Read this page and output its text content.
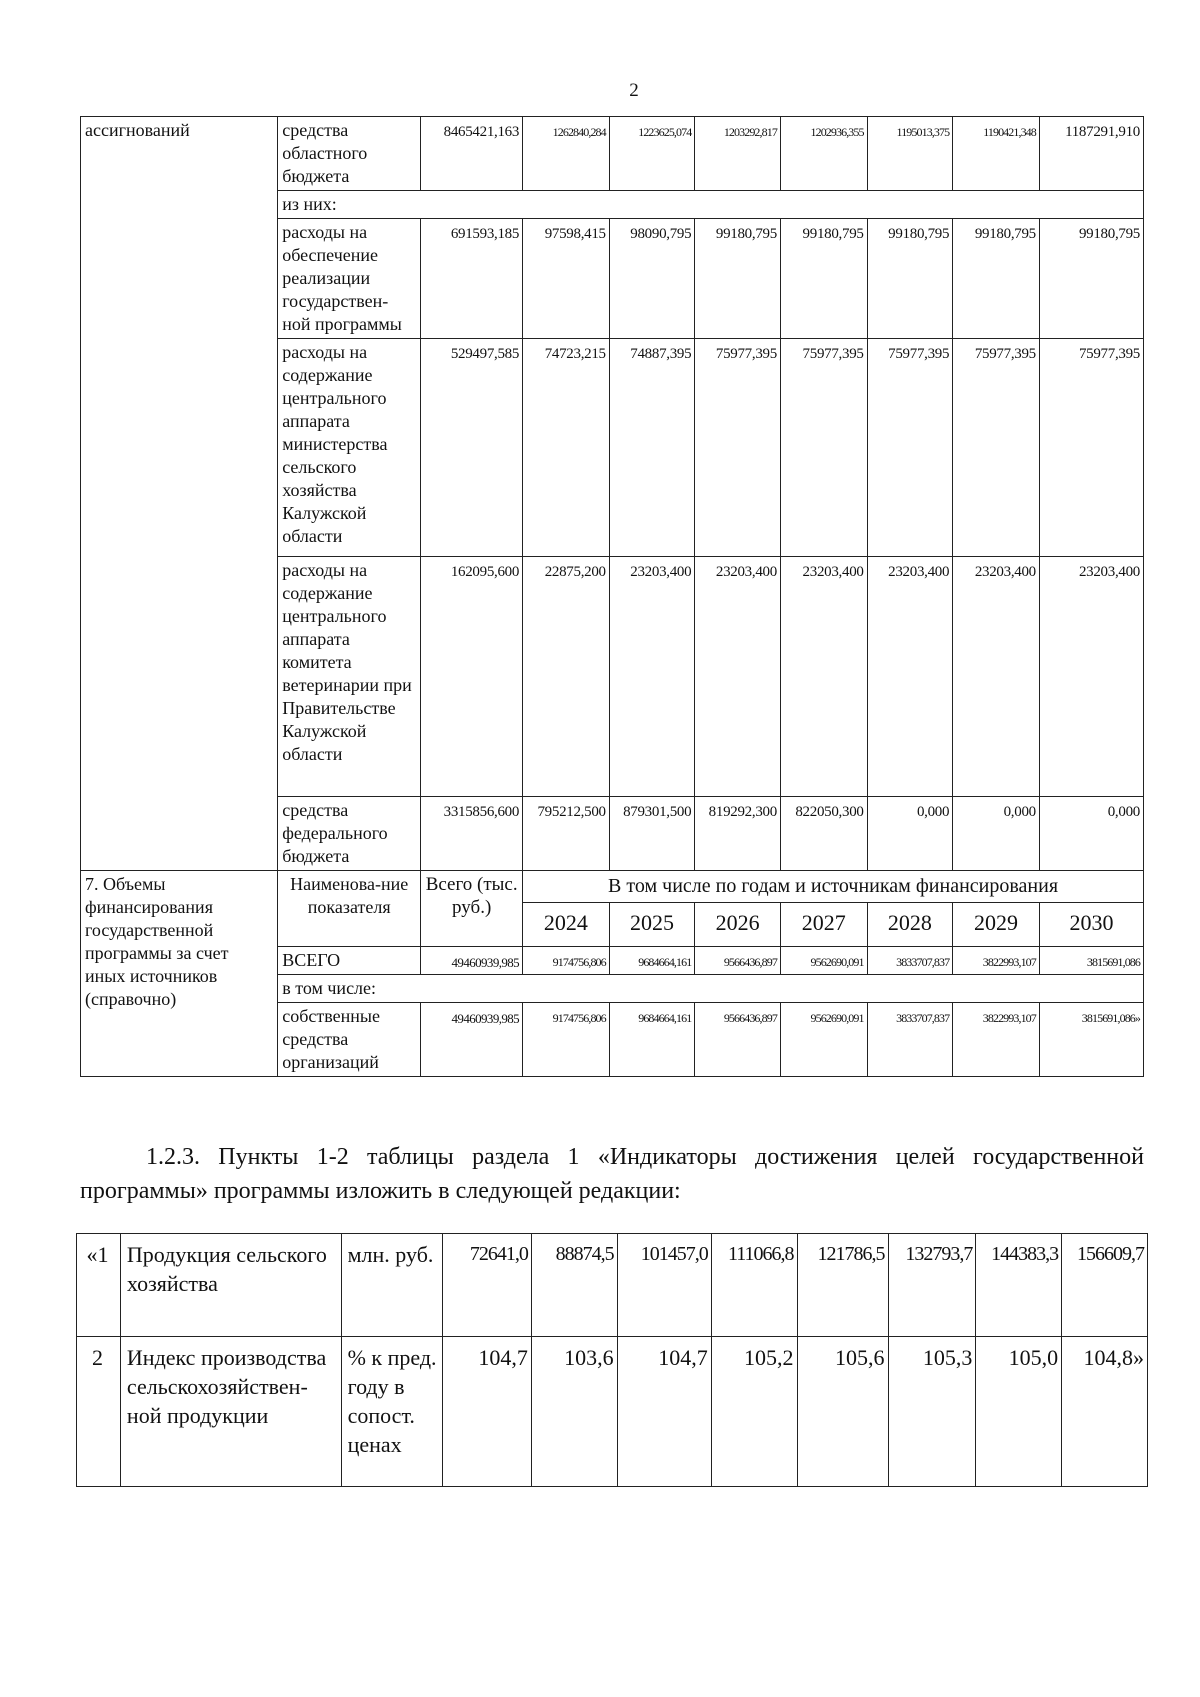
2
ассигнований	средства областного бюджета	8465421,163	1262840,284	1223625,074	1203292,817	1202936,355	1195013,375	1190421,348	1187291,910
	из них:								
	расходы на обеспечение реализации государствен-ной программы	691593,185	97598,415	98090,795	99180,795	99180,795	99180,795	99180,795	99180,795
	расходы на содержание центрального аппарата министерства сельского хозяйства Калужской области	529497,585	74723,215	74887,395	75977,395	75977,395	75977,395	75977,395	75977,395
	расходы на содержание центрального аппарата комитета ветеринарии при Правительстве Калужской области	162095,600	22875,200	23203,400	23203,400	23203,400	23203,400	23203,400	23203,400
	средства федерального бюджета	3315856,600	795212,500	879301,500	819292,300	822050,300	0,000	0,000	0,000
7. Объемы финансирования государственной программы за счет иных источников (справочно)	Наименова-ние показателя	Всего (тыс. руб.)	В том числе по годам и источникам финансирования						
			2024	2025	2026	2027	2028	2029	2030
	ВСЕГО	49460939,985	9174756,806	9684664,161	9566436,897	9562690,091	3833707,837	3822993,107	3815691,086
	в том числе:								
	собственные средства организаций	49460939,985	9174756,806	9684664,161	9566436,897	9562690,091	3833707,837	3822993,107	3815691,086»
1.2.3. Пункты 1-2 таблицы раздела 1 «Индикаторы достижения целей государственной
программы» программы изложить в следующей редакции:
«1	Продукция сельского хозяйства	млн. руб.	72641,0	88874,5	101457,0	111066,8	121786,5	132793,7	144383,3	156609,7
2	Индекс производства сельскохозяйствен-ной продукции	% к пред. году в сопост. ценах	104,7	103,6	104,7	105,2	105,6	105,3	105,0	104,8»
